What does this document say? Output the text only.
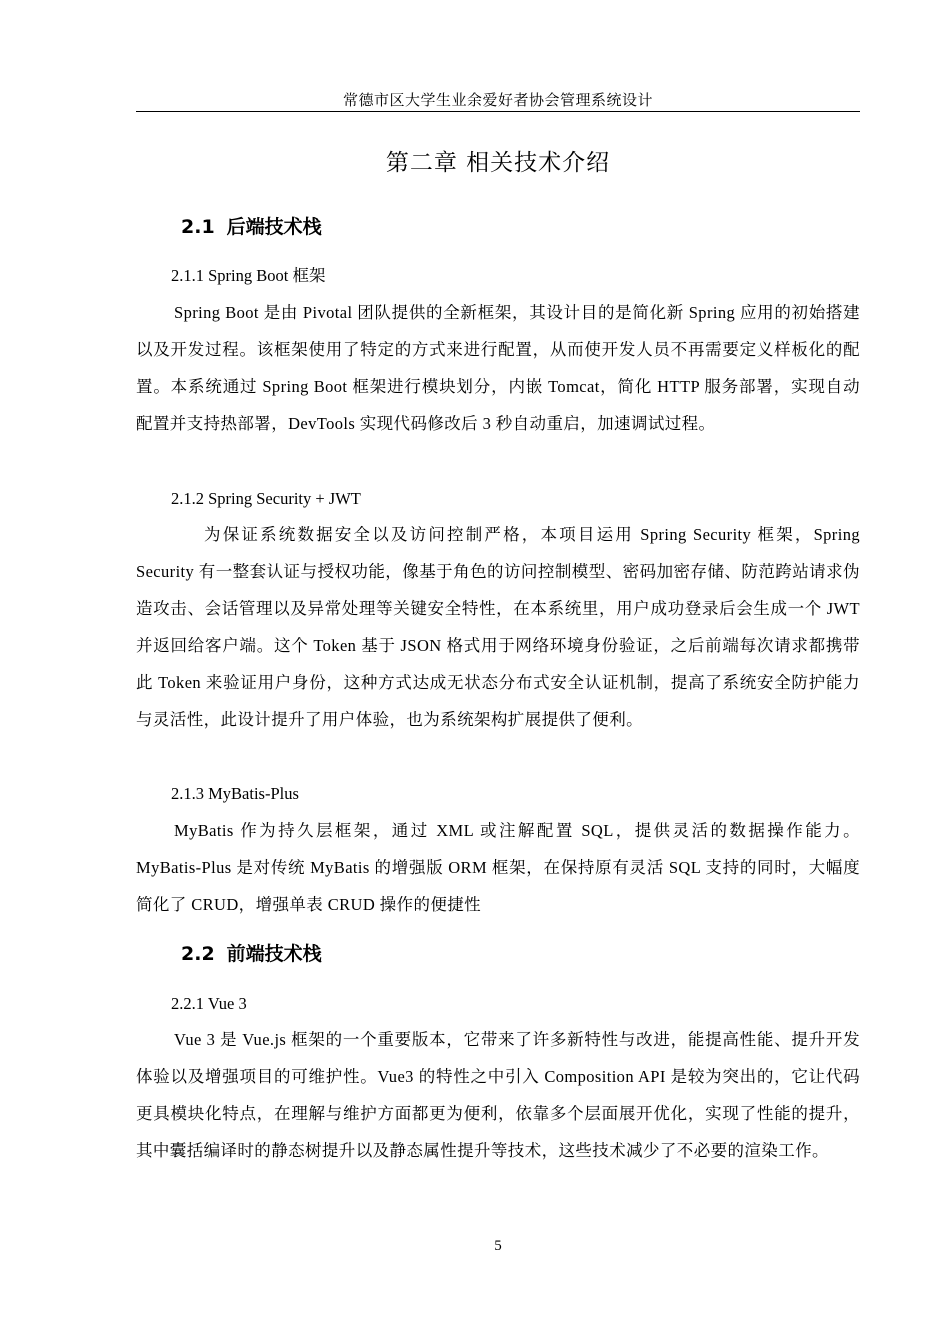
常德市区大学生业余爱好者协会管理系统设计
第二章 相关技术介绍
2.1 后端技术栈
2.1.1 Spring Boot 框架
Spring Boot 是由 Pivotal 团队提供的全新框架，其设计目的是简化新 Spring 应用的初始搭建以及开发过程。该框架使用了特定的方式来进行配置，从而使开发人员不再需要定义样板化的配置。本系统通过 Spring Boot 框架进行模块划分，内嵌 Tomcat，简化 HTTP 服务部署，实现自动配置并支持热部署，DevTools 实现代码修改后 3 秒自动重启，加速调试过程。
2.1.2 Spring Security + JWT
为保证系统数据安全以及访问控制严格，本项目运用 Spring Security 框架，Spring Security 有一整套认证与授权功能，像基于角色的访问控制模型、密码加密存储、防范跨站请求伪造攻击、会话管理以及异常处理等关键安全特性，在本系统里，用户成功登录后会生成一个 JWT 并返回给客户端。这个 Token 基于 JSON 格式用于网络环境身份验证，之后前端每次请求都携带此 Token 来验证用户身份，这种方式达成无状态分布式安全认证机制，提高了系统安全防护能力与灵活性，此设计提升了用户体验，也为系统架构扩展提供了便利。
2.1.3 MyBatis-Plus
MyBatis 作为持久层框架，通过 XML 或注解配置 SQL，提供灵活的数据操作能力。MyBatis-Plus 是对传统 MyBatis 的增强版 ORM 框架，在保持原有灵活 SQL 支持的同时，大幅度简化了 CRUD，增强单表 CRUD 操作的便捷性
2.2 前端技术栈
2.2.1 Vue 3
Vue 3 是 Vue.js 框架的一个重要版本，它带来了许多新特性与改进，能提高性能、提升开发体验以及增强项目的可维护性。Vue3 的特性之中引入 Composition API 是较为突出的，它让代码更具模块化特点，在理解与维护方面都更为便利，依靠多个层面展开优化，实现了性能的提升，其中囊括编译时的静态树提升以及静态属性提升等技术，这些技术减少了不必要的渲染工作。
5
